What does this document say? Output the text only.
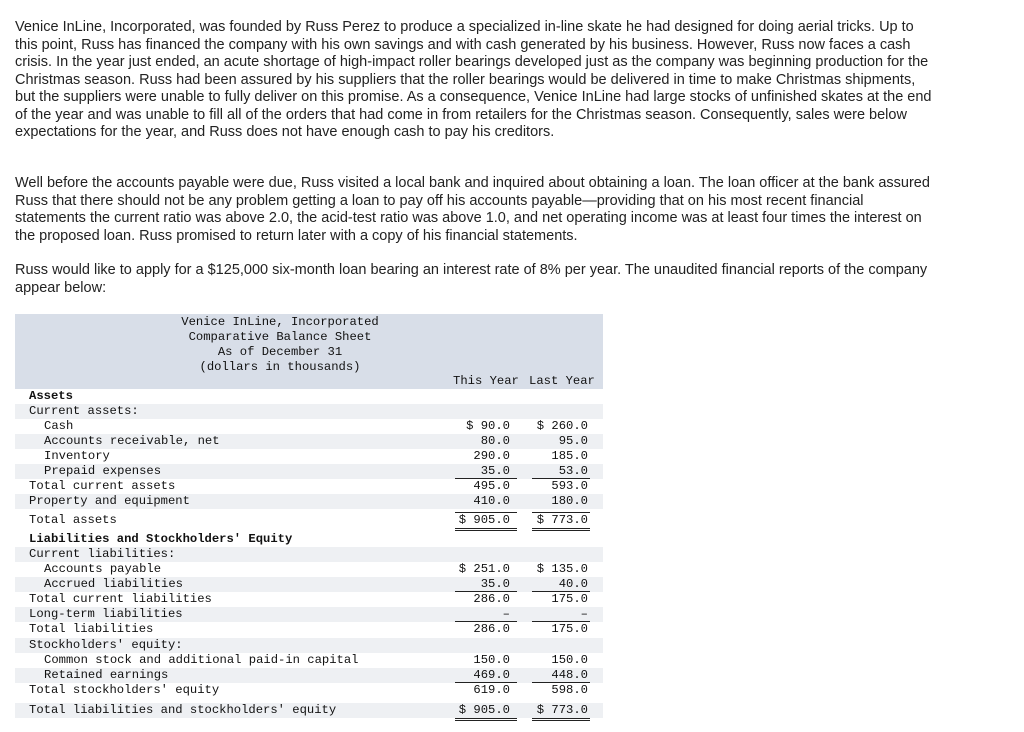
Venice InLine, Incorporated, was founded by Russ Perez to produce a specialized in-line skate he had designed for doing aerial tricks. Up to this point, Russ has financed the company with his own savings and with cash generated by his business. However, Russ now faces a cash crisis. In the year just ended, an acute shortage of high-impact roller bearings developed just as the company was beginning production for the Christmas season. Russ had been assured by his suppliers that the roller bearings would be delivered in time to make Christmas shipments, but the suppliers were unable to fully deliver on this promise. As a consequence, Venice InLine had large stocks of unfinished skates at the end of the year and was unable to fill all of the orders that had come in from retailers for the Christmas season. Consequently, sales were below expectations for the year, and Russ does not have enough cash to pay his creditors.
Well before the accounts payable were due, Russ visited a local bank and inquired about obtaining a loan. The loan officer at the bank assured Russ that there should not be any problem getting a loan to pay off his accounts payable—providing that on his most recent financial statements the current ratio was above 2.0, the acid-test ratio was above 1.0, and net operating income was at least four times the interest on the proposed loan. Russ promised to return later with a copy of his financial statements.
Russ would like to apply for a $125,000 six-month loan bearing an interest rate of 8% per year. The unaudited financial reports of the company appear below:
Venice InLine, Incorporated
Comparative Balance Sheet
As of December 31
(dollars in thousands)
This Year Last Year
Assets
Current assets:
Cash	$ 90.0	$ 260.0
Accounts receivable, net	80.0	95.0
Inventory	290.0	185.0
Prepaid expenses	35.0	53.0
Total current assets	495.0	593.0
Property and equipment	410.0	180.0
Total assets	$ 905.0	$ 773.0
Liabilities and Stockholders' Equity
Current liabilities:
Accounts payable	$ 251.0	$ 135.0
Accrued liabilities	35.0	40.0
Total current liabilities	286.0	175.0
Long-term liabilities	–	–
Total liabilities	286.0	175.0
Stockholders' equity:
Common stock and additional paid-in capital	150.0	150.0
Retained earnings	469.0	448.0
Total stockholders' equity	619.0	598.0
Total liabilities and stockholders' equity	$ 905.0	$ 773.0
